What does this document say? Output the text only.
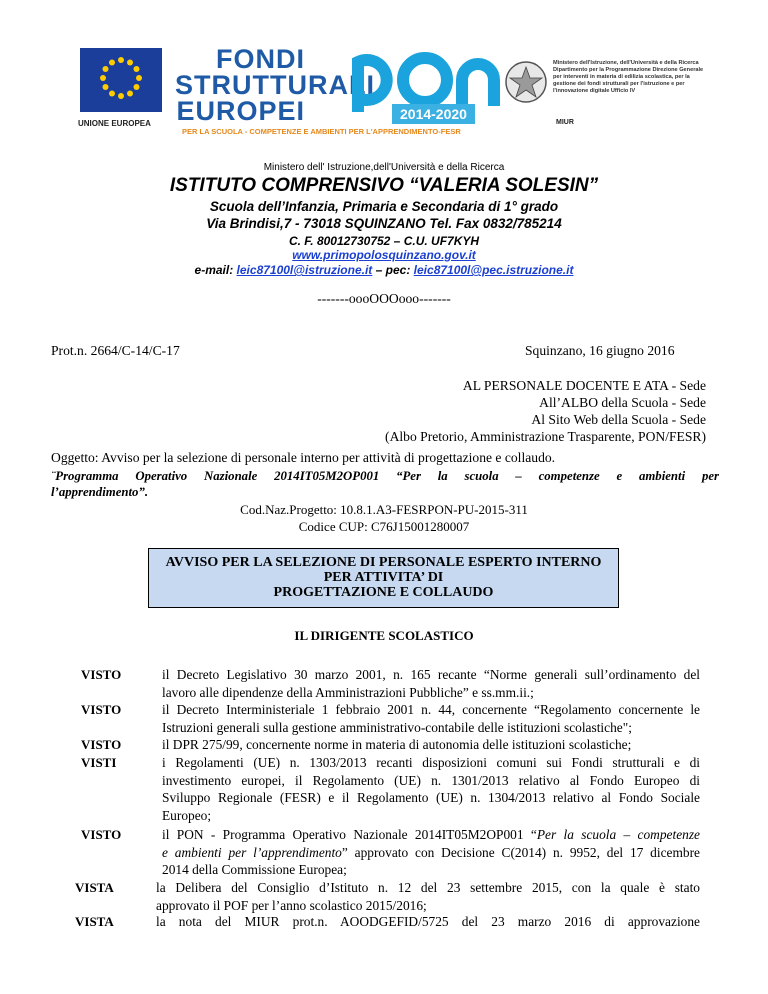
UNIONE EUROPEA
FONDI
STRUTTURALI
EUROPEI	2014-2020
PER LA SCUOLA - COMPETENZE E AMBIENTI PER L'APPRENDIMENTO-FESR
Ministero dell'Istruzione, dell'Università e della Ricerca Dipartimento per la Programmazione Direzione Generale per interventi in materia di edilizia scolastica, per la gestione dei fondi strutturali per l'istruzione e per l'innovazione digitale Ufficio IV
MIUR
Ministero dell' Istruzione,dell'Università e della Ricerca
ISTITUTO COMPRENSIVO “VALERIA SOLESIN”
Scuola dell’Infanzia, Primaria e Secondaria di 1° grado
Via Brindisi,7 - 73018 SQUINZANO Tel. Fax 0832/785214
C. F. 80012730752 – C.U. UF7KYH
www.primopolosquinzano.gov.it
e-mail: leic87100l@istruzione.it – pec: leic87100l@pec.istruzione.it
-------oooOOOooo-------
Prot.n. 2664/C-14/C-17	Squinzano, 16 giugno 2016
AL PERSONALE DOCENTE E ATA - Sede
All’ALBO della Scuola - Sede
Al Sito Web della Scuola - Sede
(Albo Pretorio, Amministrazione Trasparente, PON/FESR)
Oggetto: Avviso per la selezione di personale interno per attività di progettazione e collaudo.
¨Programma Operativo Nazionale 2014IT05M2OP001 “Per la scuola – competenze e ambienti per
l’apprendimento”.
Cod.Naz.Progetto: 10.8.1.A3-FESRPON-PU-2015-311
Codice CUP: C76J15001280007
AVVISO PER LA SELEZIONE DI PERSONALE ESPERTO INTERNO
PER ATTIVITA’ DI
PROGETTAZIONE E COLLAUDO
IL DIRIGENTE SCOLASTICO
VISTO	il Decreto Legislativo 30 marzo 2001, n. 165 recante “Norme generali sull’ordinamento del
lavoro alle dipendenze della Amministrazioni Pubbliche” e ss.mm.ii.;
VISTO	il Decreto Interministeriale 1 febbraio 2001 n. 44, concernente “Regolamento concernente le
Istruzioni generali sulla gestione amministrativo-contabile delle istituzioni scolastiche";
VISTO	il DPR 275/99, concernente norme in materia di autonomia delle istituzioni scolastiche;
VISTI	i Regolamenti (UE) n. 1303/2013 recanti disposizioni comuni sui Fondi strutturali e di
investimento europei, il Regolamento (UE) n. 1301/2013 relativo al Fondo Europeo di
Sviluppo Regionale (FESR) e il Regolamento (UE) n. 1304/2013 relativo al Fondo Sociale
Europeo;
VISTO	il PON - Programma Operativo Nazionale 2014IT05M2OP001 “Per la scuola – competenze
e ambienti per l’apprendimento” approvato con Decisione C(2014) n. 9952, del 17 dicembre
2014 della Commissione Europea;
VISTA	la Delibera del Consiglio d’Istituto n. 12 del 23 settembre 2015, con la quale è stato
approvato il POF per l’anno scolastico 2015/2016;
VISTA	la nota del MIUR prot.n. AOODGEFID/5725 del 23 marzo 2016 di approvazione
